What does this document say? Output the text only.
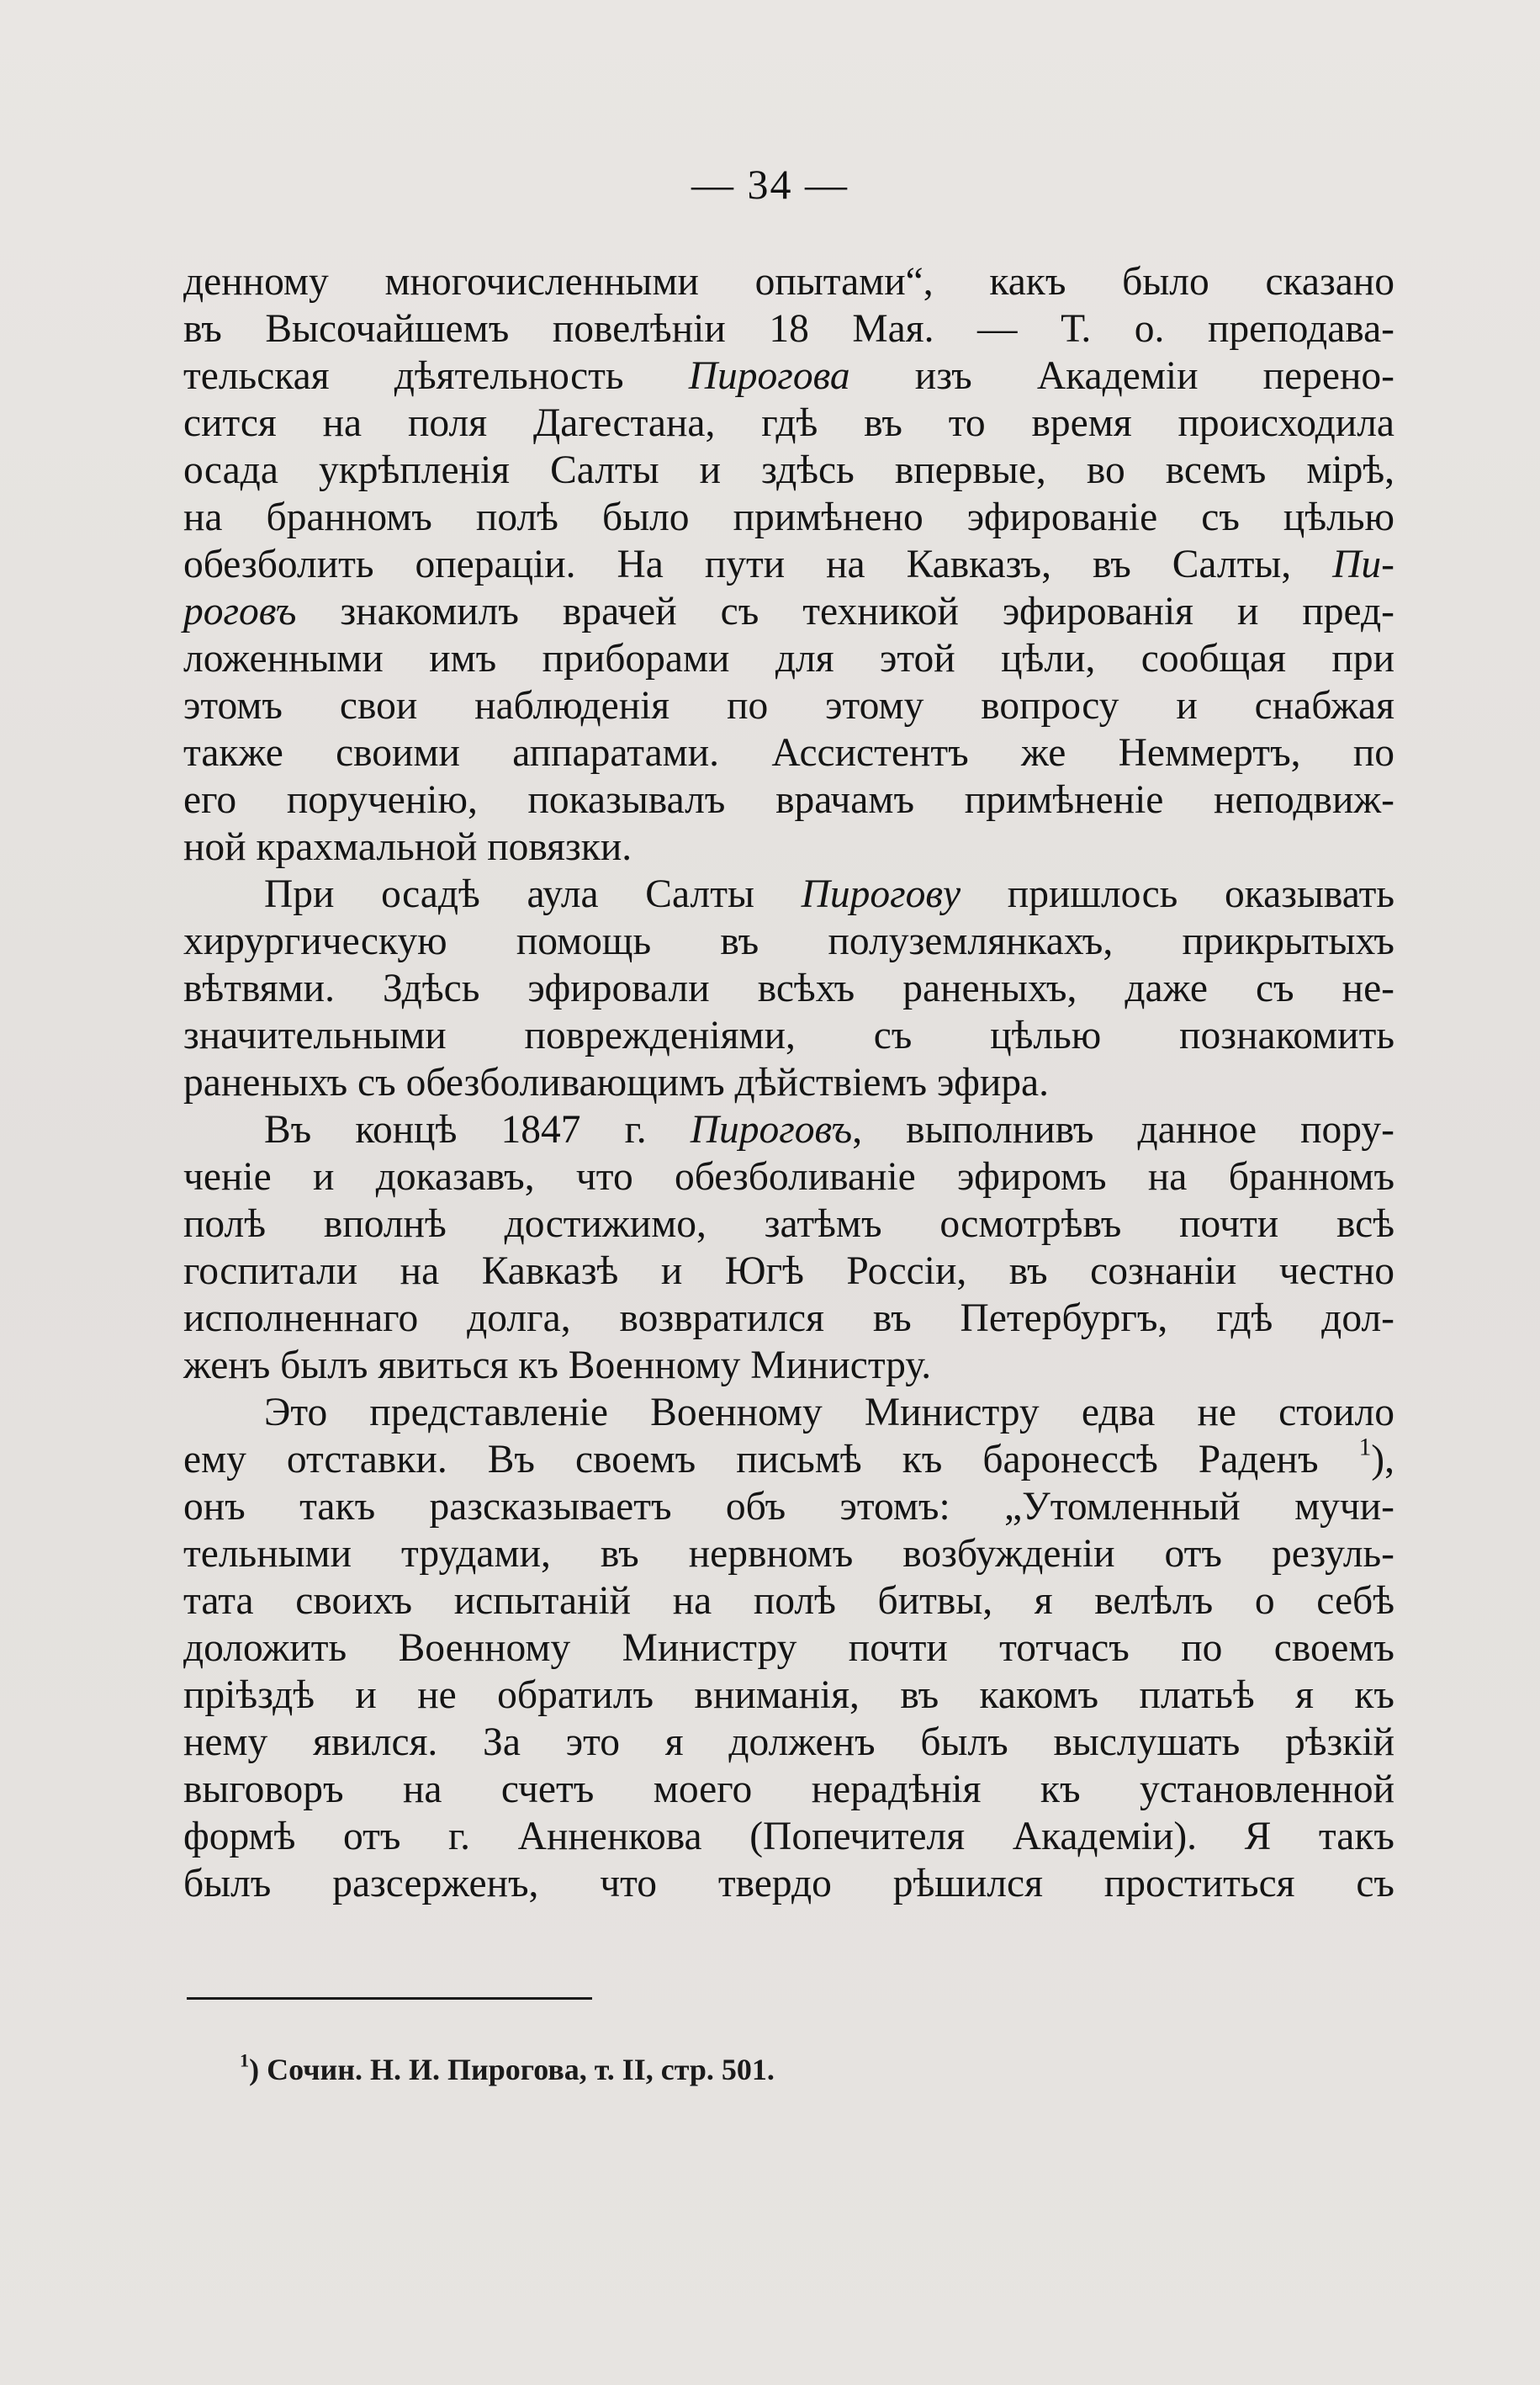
— 34 —
денному многочисленными опытами“, какъ было сказано
въ Высочайшемъ повелѣніи 18 Мая. — Т. о. преподава-
тельская дѣятельность Пирогова изъ Академіи перено-
сится на поля Дагестана, гдѣ въ то время происходила
осада укрѣпленія Салты и здѣсь впервые, во всемъ мірѣ,
на бранномъ полѣ было примѣнено эфированіе съ цѣлью
обезболить операціи. На пути на Кавказъ, въ Салты, Пи-
роговъ знакомилъ врачей съ техникой эфированія и пред-
ложенными имъ приборами для этой цѣли, сообщая при
этомъ свои наблюденія по этому вопросу и снабжая
также своими аппаратами. Ассистентъ же Неммертъ, по
его порученію, показывалъ врачамъ примѣненіе неподвиж-
ной крахмальной повязки.
При осадѣ аула Салты Пирогову пришлось оказывать
хирургическую помощь въ полуземлянкахъ, прикрытыхъ
вѣтвями. Здѣсь эфировали всѣхъ раненыхъ, даже съ не-
значительными поврежденіями, съ цѣлью познакомить
раненыхъ съ обезболивающимъ дѣйствіемъ эфира.
Въ концѣ 1847 г. Пироговъ, выполнивъ данное пору-
ченіе и доказавъ, что обезболиваніе эфиромъ на бранномъ
полѣ вполнѣ достижимо, затѣмъ осмотрѣвъ почти всѣ
госпитали на Кавказѣ и Югѣ Россіи, въ сознаніи честно
исполненнаго долга, возвратился въ Петербургъ, гдѣ дол-
женъ былъ явиться къ Военному Министру.
Это представленіе Военному Министру едва не стоило
ему отставки. Въ своемъ письмѣ къ баронессѣ Раденъ $^1$),
онъ такъ разсказываетъ объ этомъ: „Утомленный мучи-
тельными трудами, въ нервномъ возбужденіи отъ резуль-
тата своихъ испытаній на полѣ битвы, я велѣлъ о себѣ
доложить Военному Министру почти тотчасъ по своемъ
пріѣздѣ и не обратилъ вниманія, въ какомъ платьѣ я къ
нему явился. За это я долженъ былъ выслушать рѣзкій
выговоръ на счетъ моего нерадѣнія къ установленной
формѣ отъ г. Анненкова (Попечителя Академіи). Я такъ
былъ разсерженъ, что твердо рѣшился проститься съ
$^1$) Сочин. Н. И. Пирогова, т. II, стр. 501.
